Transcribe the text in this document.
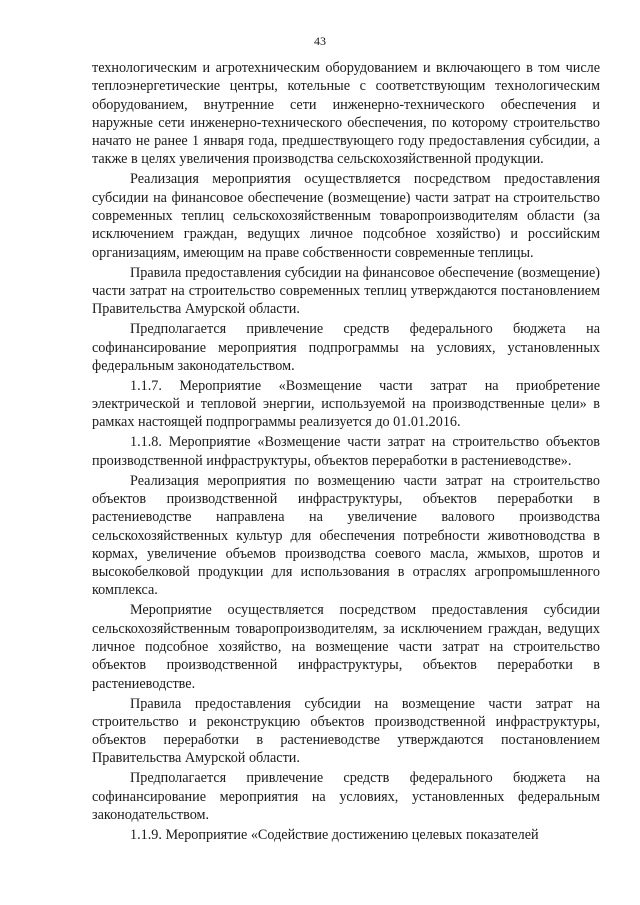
43

технологическим и агротехническим оборудованием и включающего в том числе теплоэнергетические центры, котельные с соответствующим технологическим оборудованием, внутренние сети инженерно-технического обеспечения и наружные сети инженерно-технического обеспечения, по которому строительство начато не ранее 1 января года, предшествующего году предоставления субсидии, а также в целях увеличения производства сельскохозяйственной продукции.

Реализация мероприятия осуществляется посредством предоставления субсидии на финансовое обеспечение (возмещение) части затрат на строительство современных теплиц сельскохозяйственным товаропроизводителям области (за исключением граждан, ведущих личное подсобное хозяйство) и российским организациям, имеющим на праве собственности современные теплицы.

Правила предоставления субсидии на финансовое обеспечение (возмещение) части затрат на строительство современных теплиц утверждаются постановлением Правительства Амурской области.

Предполагается привлечение средств федерального бюджета на софинансирование мероприятия подпрограммы на условиях, установленных федеральным законодательством.

1.1.7. Мероприятие «Возмещение части затрат на приобретение электрической и тепловой энергии, используемой на производственные цели» в рамках настоящей подпрограммы реализуется до 01.01.2016.

1.1.8. Мероприятие «Возмещение части затрат на строительство объектов производственной инфраструктуры, объектов переработки в растениеводстве».

Реализация мероприятия по возмещению части затрат на строительство объектов производственной инфраструктуры, объектов переработки в растениеводстве направлена на увеличение валового производства сельскохозяйственных культур для обеспечения потребности животноводства в кормах, увеличение объемов производства соевого масла, жмыхов, шротов и высокобелковой продукции для использования в отраслях агропромышленного комплекса.

Мероприятие осуществляется посредством предоставления субсидии сельскохозяйственным товаропроизводителям, за исключением граждан, ведущих личное подсобное хозяйство, на возмещение части затрат на строительство объектов производственной инфраструктуры, объектов переработки в растениеводстве.

Правила предоставления субсидии на возмещение части затрат на строительство и реконструкцию объектов производственной инфраструктуры, объектов переработки в растениеводстве утверждаются постановлением Правительства Амурской области.

Предполагается привлечение средств федерального бюджета на софинансирование мероприятия на условиях, установленных федеральным законодательством.

1.1.9. Мероприятие «Содействие достижению целевых показателей
